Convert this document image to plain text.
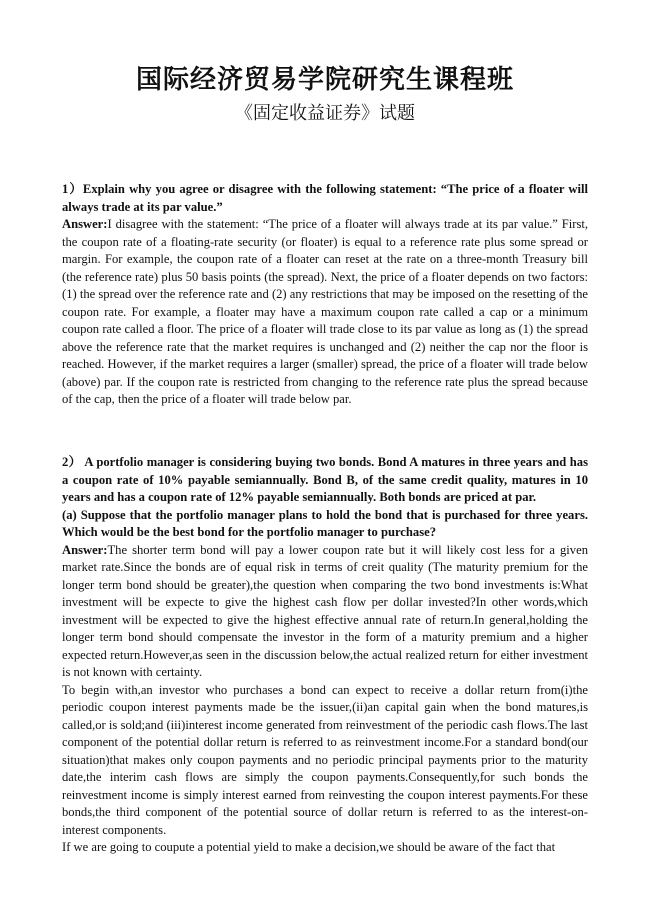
国际经济贸易学院研究生课程班
《固定收益证券》试题

1）Explain why you agree or disagree with the following statement: “The price of a floater will always trade at its par value.”

Answer:I disagree with the statement: “The price of a floater will always trade at its par value.” First, the coupon rate of a floating-rate security (or floater) is equal to a reference rate plus some spread or margin. For example, the coupon rate of a floater can reset at the rate on a three-month Treasury bill (the reference rate) plus 50 basis points (the spread). Next, the price of a floater depends on two factors: (1) the spread over the reference rate and (2) any restrictions that may be imposed on the resetting of the coupon rate. For example, a floater may have a maximum coupon rate called a cap or a minimum coupon rate called a floor. The price of a floater will trade close to its par value as long as (1) the spread above the reference rate that the market requires is unchanged and (2) neither the cap nor the floor is reached. However, if the market requires a larger (smaller) spread, the price of a floater will trade below (above) par. If the coupon rate is restricted from changing to the reference rate plus the spread because of the cap, then the price of a floater will trade below par.

2） A portfolio manager is considering buying two bonds. Bond A matures in three years and has a coupon rate of 10% payable semiannually. Bond B, of the same credit quality, matures in 10 years and has a coupon rate of 12% payable semiannually. Both bonds are priced at par.

(a) Suppose that the portfolio manager plans to hold the bond that is purchased for three years. Which would be the best bond for the portfolio manager to purchase?

Answer:The shorter term bond will pay a lower coupon rate but it will likely cost less for a given market rate.Since the bonds are of equal risk in terms of creit quality (The maturity premium for the longer term bond should be greater),the question when comparing the two bond investments is:What investment will be expecte to give the highest cash flow per dollar invested?In other words,which investment will be expected to give the highest effective annual rate of return.In general,holding the longer term bond should compensate the investor in the form of a maturity premium and a higher expected return.However,as seen in the discussion below,the actual realized return for either investment is not known with certainty.

To begin with,an investor who purchases a bond can expect to receive a dollar return from(i)the periodic coupon interest payments made be the issuer,(ii)an capital gain when the bond matures,is called,or is sold;and (iii)interest income generated from reinvestment of the periodic cash flows.The last component of the potential dollar return is referred to as reinvestment income.For a standard bond(our situation)that makes only coupon payments and no periodic principal payments prior to the maturity date,the interim cash flows are simply the coupon payments.Consequently,for such bonds the reinvestment income is simply interest earned from reinvesting the coupon interest payments.For these bonds,the third component of the potential source of dollar return is referred to as the interest-on-interest components.

If we are going to coupute a potential yield to make a decision,we should be aware of the fact that
